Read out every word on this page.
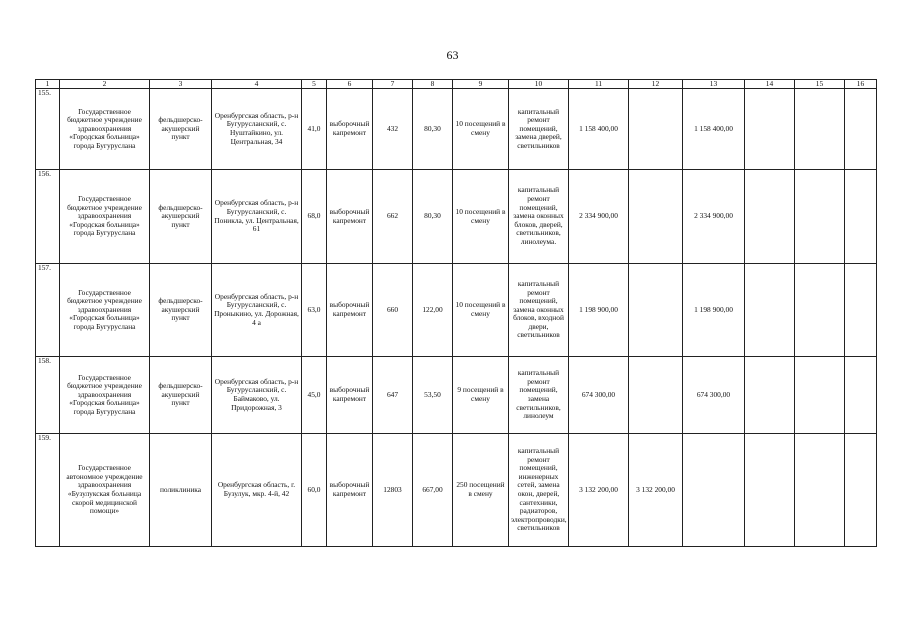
63
1	2	3	4	5	6	7	8	9	10	11	12	13	14	15	16
155.	Государственное бюджетное учреждение здравоохранения «Городская больница» города Бугуруслана	фельдшерско-акушерский пункт	Оренбургская область, р-н Бугурусланский, с. Нуштайкино, ул. Центральная, 34	41,0	выборочный капремонт	432	80,30	10 посещений в смену	капитальный ремонт помещений, замена дверей, светильников	1 158 400,00		1 158 400,00			
156.	Государственное бюджетное учреждение здравоохранения «Городская больница» города Бугуруслана	фельдшерско-акушерский пункт	Оренбургская область, р-н Бугурусланский, с. Поникла, ул. Центральная, 61	68,0	выборочный капремонт	662	80,30	10 посещений в смену	капитальный ремонт помещений, замена оконных блоков, дверей, светильников, линолеума.	2 334 900,00		2 334 900,00			
157.	Государственное бюджетное учреждение здравоохранения «Городская больница» города Бугуруслана	фельдшерско-акушерский пункт	Оренбургская область, р-н Бугурусланский, с. Проныкино, ул. Дорожная, 4 а	63,0	выборочный капремонт	660	122,00	10 посещений в смену	капитальный ремонт помещений, замена оконных блоков, входной двери, светильников	1 198 900,00		1 198 900,00			
158.	Государственное бюджетное учреждение здравоохранения «Городская больница» города Бугуруслана	фельдшерско-акушерский пункт	Оренбургская область, р-н Бугурусланский, с. Баймаково, ул. Придорожная, 3	45,0	выборочный капремонт	647	53,50	9 посещений в смену	капитальный ремонт помещений, замена светильников, линолеум	674 300,00		674 300,00			
159.	Государственное автономное учреждение здравоохранения «Бузулукская больница скорой медицинской помощи»	поликлиника	Оренбургская область, г. Бузулук, мкр. 4-й, 42	60,0	выборочный капремонт	12803	667,00	250 посещений в смену	капитальный ремонт помещений, инженерных сетей, замена окон, дверей, сантехники, радиаторов, электропроводки, светильников	3 132 200,00	3 132 200,00				
